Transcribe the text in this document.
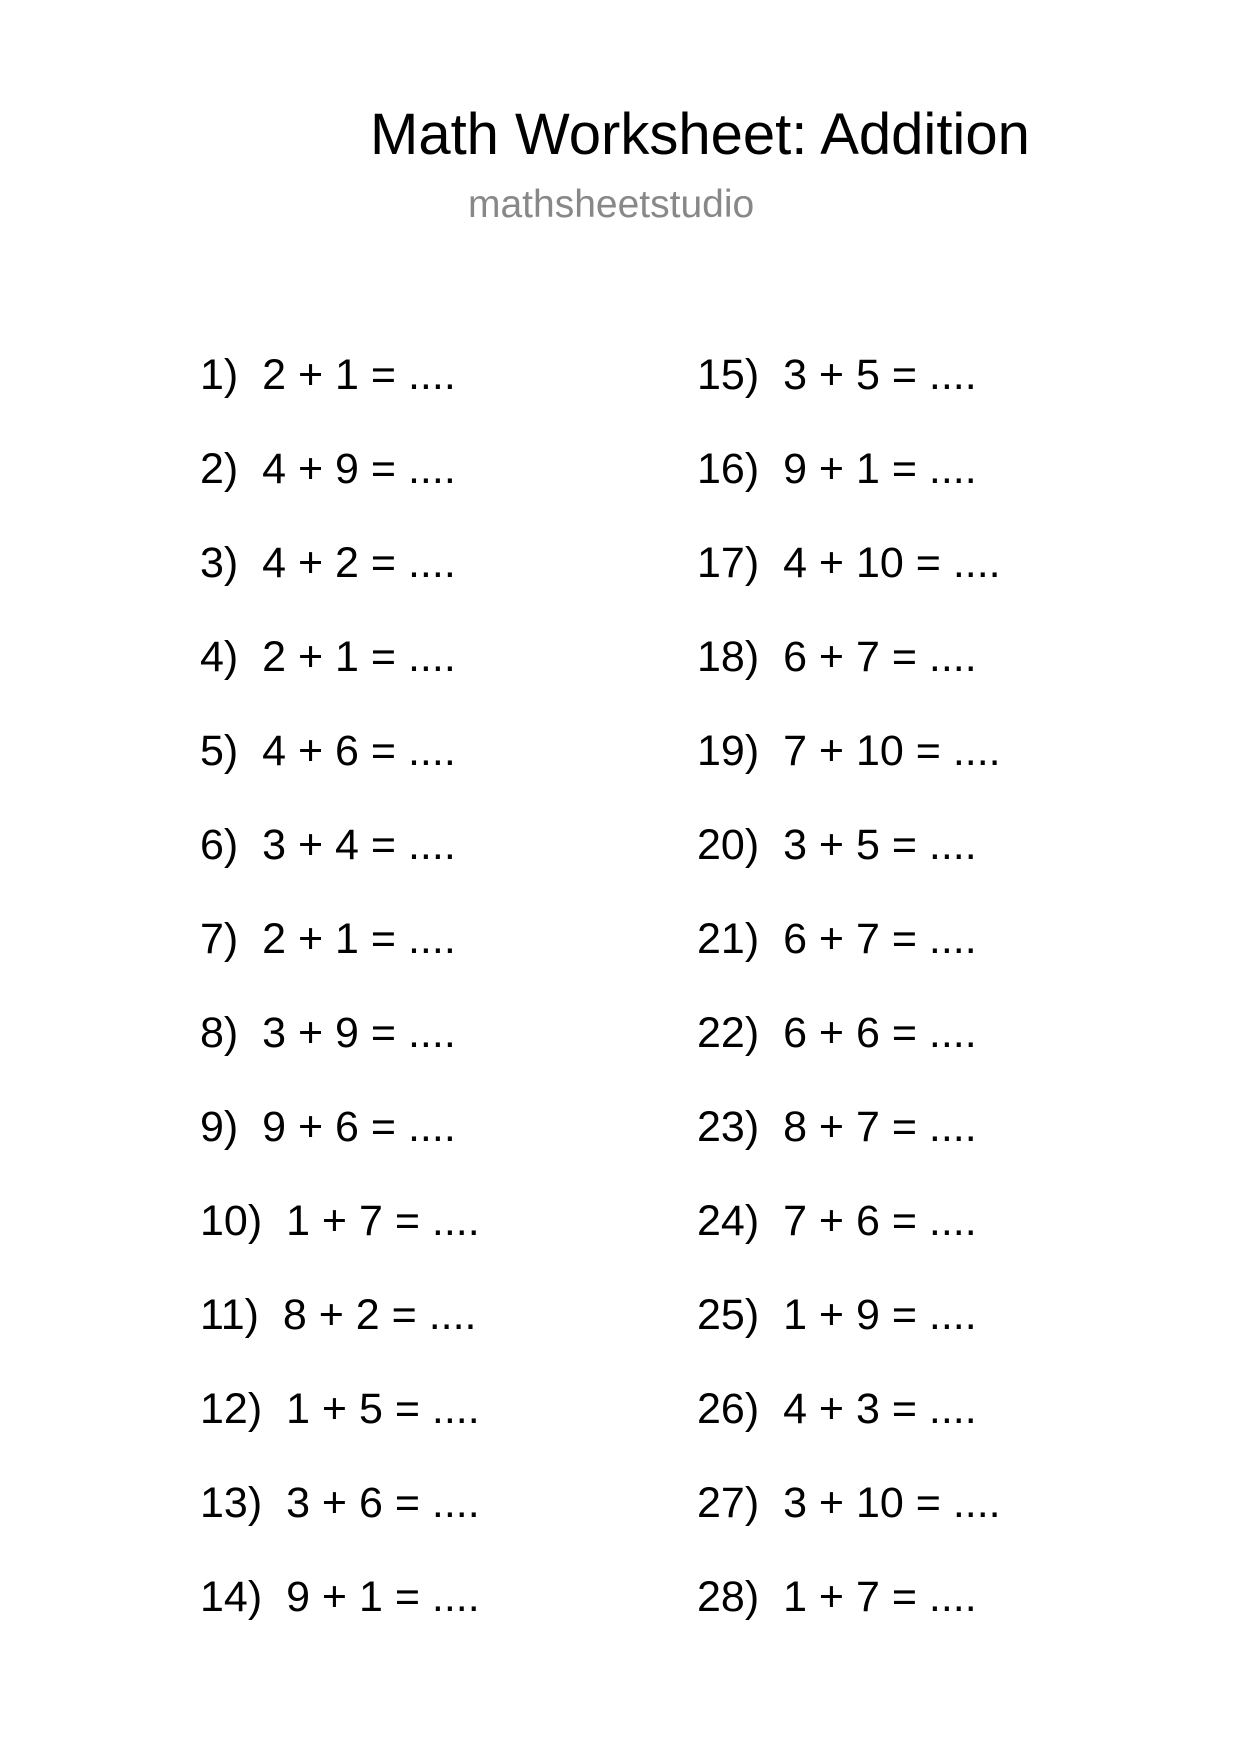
Math Worksheet: Addition
mathsheetstudio
1) 2 + 1 = ....
2) 4 + 9 = ....
3) 4 + 2 = ....
4) 2 + 1 = ....
5) 4 + 6 = ....
6) 3 + 4 = ....
7) 2 + 1 = ....
8) 3 + 9 = ....
9) 9 + 6 = ....
10) 1 + 7 = ....
11) 8 + 2 = ....
12) 1 + 5 = ....
13) 3 + 6 = ....
14) 9 + 1 = ....
15) 3 + 5 = ....
16) 9 + 1 = ....
17) 4 + 10 = ....
18) 6 + 7 = ....
19) 7 + 10 = ....
20) 3 + 5 = ....
21) 6 + 7 = ....
22) 6 + 6 = ....
23) 8 + 7 = ....
24) 7 + 6 = ....
25) 1 + 9 = ....
26) 4 + 3 = ....
27) 3 + 10 = ....
28) 1 + 7 = ....
